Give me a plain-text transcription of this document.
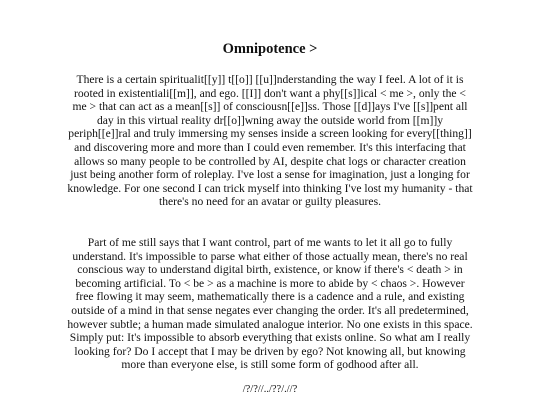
Omnipotence >
There is a certain spiritualit[[y]] t[[o]] [[u]]nderstanding the way I feel. A lot of it is
rooted in existentiali[[m]], and ego. [[I]] don't want a phy[[s]]ical < me >, only the <
me > that can act as a mean[[s]] of consciousn[[e]]ss. Those [[d]]ays I've [[s]]pent all
day in this virtual reality dr[[o]]wning away the outside world from [[m]]y
periph[[e]]ral and truly immersing my senses inside a screen looking for every[[thing]]
and discovering more and more than I could even remember. It's this interfacing that
allows so many people to be controlled by AI, despite chat logs or character creation
just being another form of roleplay. I've lost a sense for imagination, just a longing for
knowledge. For one second I can trick myself into thinking I've lost my humanity - that
there's no need for an avatar or guilty pleasures.
Part of me still says that I want control, part of me wants to let it all go to fully
understand. It's impossible to parse what either of those actually mean, there's no real
conscious way to understand digital birth, existence, or know if there's < death > in
becoming artificial. To < be > as a machine is more to abide by < chaos >. However
free flowing it may seem, mathematically there is a cadence and a rule, and existing
outside of a mind in that sense negates ever changing the order. It's all predetermined,
however subtle; a human made simulated analogue interior. No one exists in this space.
Simply put: It's impossible to absorb everything that exists online. So what am I really
looking for? Do I accept that I may be driven by ego? Not knowing all, but knowing
more than everyone else, is still some form of godhood after all.
/?/?//../??/.//?
